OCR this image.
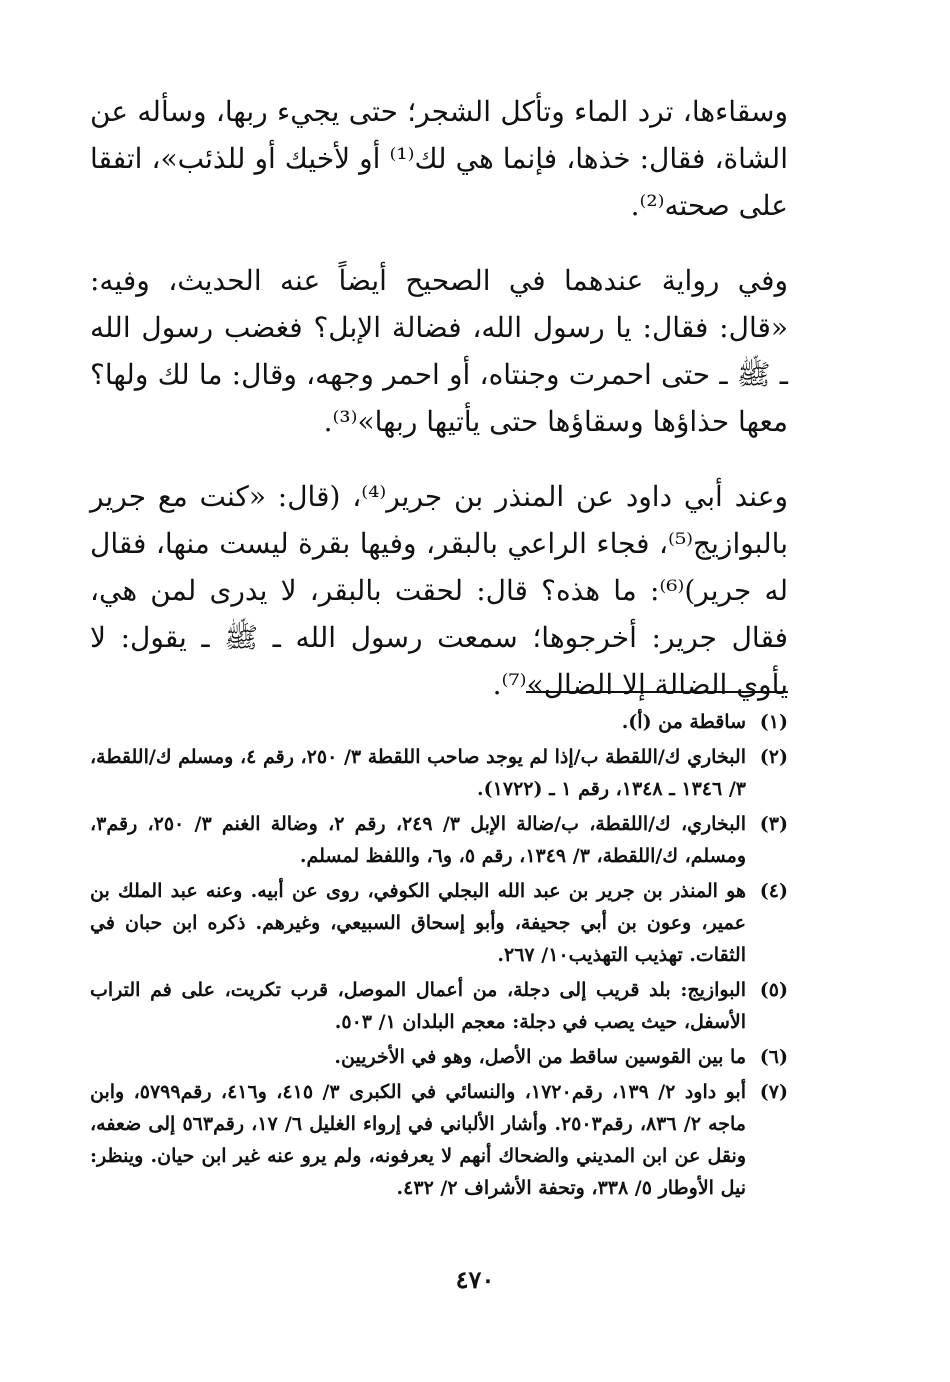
وسقاءها، ترد الماء وتأكل الشجر؛ حتى يجيء ربها، وسأله عن الشاة، فقال: خذها، فإنما هي لك⁽¹⁾ أو لأخيك أو للذئب»، اتفقا على صحته⁽²⁾.

وفي رواية عندهما في الصحيح أيضاً عنه الحديث، وفيه: «قال: فقال: يا رسول الله، فضالة الإبل؟ فغضب رسول الله ـ ﷺ ـ حتى احمرت وجنتاه، أو احمر وجهه، وقال: ما لك ولها؟ معها حذاؤها وسقاؤها حتى يأتيها ربها»⁽³⁾.

وعند أبي داود عن المنذر بن جرير⁽⁴⁾، (قال: «كنت مع جرير بالبوازيج⁽⁵⁾، فجاء الراعي بالبقر، وفيها بقرة ليست منها، فقال له جرير)⁽⁶⁾: ما هذه؟ قال: لحقت بالبقر، لا يدرى لمن هي، فقال جرير: أخرجوها؛ سمعت رسول الله ـ ﷺ ـ يقول: لا يأوي الضالة إلا الضال»⁽⁷⁾.

(١)
ساقطة من (أ).
(٢)
البخاري ك/اللقطة ب/إذا لم يوجد صاحب اللقطة ٣/ ٢٥٠، رقم ٤، ومسلم ك/اللقطة، ٣/ ١٣٤٦ ـ ١٣٤٨، رقم ١ ـ (١٧٢٢).
(٣)
البخاري، ك/اللقطة، ب/ضالة الإبل ٣/ ٢٤٩، رقم ٢، وضالة الغنم ٣/ ٢٥٠، رقم٣، ومسلم، ك/اللقطة، ٣/ ١٣٤٩، رقم ٥، و٦، واللفظ لمسلم.
(٤)
هو المنذر بن جرير بن عبد الله البجلي الكوفي، روى عن أبيه. وعنه عبد الملك بن عمير، وعون بن أبي جحيفة، وأبو إسحاق السبيعي، وغيرهم. ذكره ابن حبان في الثقات. تهذيب التهذيب١٠/ ٢٦٧.
(٥)
البوازيج: بلد قريب إلى دجلة، من أعمال الموصل، قرب تكريت، على فم التراب الأسفل، حيث يصب في دجلة: معجم البلدان ١/ ٥٠٣.
(٦)
ما بين القوسين ساقط من الأصل، وهو في الأخريين.
(٧)
أبو داود ٢/ ١٣٩، رقم١٧٢٠، والنسائي في الكبرى ٣/ ٤١٥، و٤١٦، رقم٥٧٩٩، وابن ماجه ٢/ ٨٣٦، رقم٢٥٠٣. وأشار الألباني في إرواء الغليل ٦/ ١٧، رقم٥٦٣ إلى ضعفه، ونقل عن ابن المديني والضحاك أنهم لا يعرفونه، ولم يرو عنه غير ابن حيان. وينظر: نيل الأوطار ٥/ ٣٣٨، وتحفة الأشراف ٢/ ٤٣٢.
٤٧٠
